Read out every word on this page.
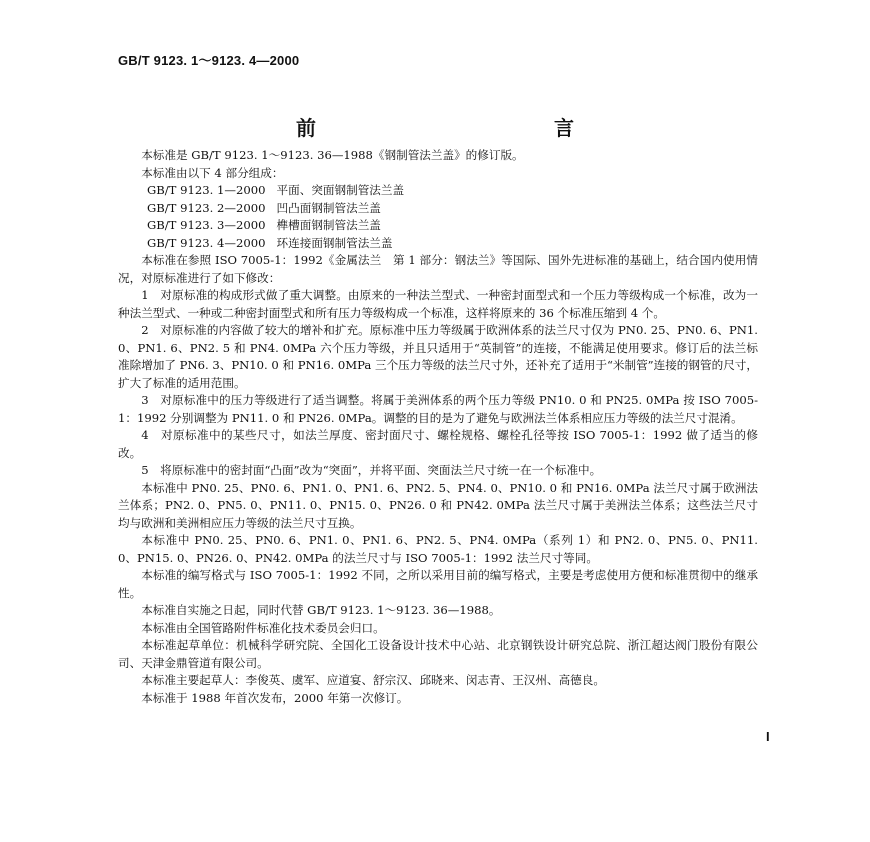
GB/T 9123. 1～9123. 4—2000
前　　言

本标准是 GB/T 9123. 1～9123. 36—1988《钢制管法兰盖》的修订版。

本标准由以下 4 部分组成：

GB/T 9123. 1—2000 平面、突面钢制管法兰盖

GB/T 9123. 2—2000 凹凸面钢制管法兰盖

GB/T 9123. 3—2000 榫槽面钢制管法兰盖

GB/T 9123. 4—2000 环连接面钢制管法兰盖

本标准在参照 ISO 7005-1：1992《金属法兰　第 1 部分：钢法兰》等国际、国外先进标准的基础上，结合国内使用情况，对原标准进行了如下修改：

1　对原标准的构成形式做了重大调整。由原来的一种法兰型式、一种密封面型式和一个压力等级构成一个标准，改为一种法兰型式、一种或二种密封面型式和所有压力等级构成一个标准，这样将原来的 36 个标准压缩到 4 个。

2　对原标准的内容做了较大的增补和扩充。原标准中压力等级属于欧洲体系的法兰尺寸仅为 PN0. 25、PN0. 6、PN1. 0、PN1. 6、PN2. 5 和 PN4. 0MPa 六个压力等级，并且只适用于“英制管”的连接，不能满足使用要求。修订后的法兰标准除增加了 PN6. 3、PN10. 0 和 PN16. 0MPa 三个压力等级的法兰尺寸外，还补充了适用于“米制管”连接的钢管的尺寸，扩大了标准的适用范围。

3　对原标准中的压力等级进行了适当调整。将属于美洲体系的两个压力等级 PN10. 0 和 PN25. 0MPa 按 ISO 7005-1：1992 分别调整为 PN11. 0 和 PN26. 0MPa。调整的目的是为了避免与欧洲法兰体系相应压力等级的法兰尺寸混淆。

4　对原标准中的某些尺寸，如法兰厚度、密封面尺寸、螺栓规格、螺栓孔径等按 ISO 7005-1：1992 做了适当的修改。

5　将原标准中的密封面“凸面”改为“突面”，并将平面、突面法兰尺寸统一在一个标准中。

本标准中 PN0. 25、PN0. 6、PN1. 0、PN1. 6、PN2. 5、PN4. 0、PN10. 0 和 PN16. 0MPa 法兰尺寸属于欧洲法兰体系；PN2. 0、PN5. 0、PN11. 0、PN15. 0、PN26. 0 和 PN42. 0MPa 法兰尺寸属于美洲法兰体系；这些法兰尺寸均与欧洲和美洲相应压力等级的法兰尺寸互换。

本标准中 PN0. 25、PN0. 6、PN1. 0、PN1. 6、PN2. 5、PN4. 0MPa（系列 1）和 PN2. 0、PN5. 0、PN11. 0、PN15. 0、PN26. 0、PN42. 0MPa 的法兰尺寸与 ISO 7005-1：1992 法兰尺寸等同。

本标准的编写格式与 ISO 7005-1：1992 不同，之所以采用目前的编写格式，主要是考虑使用方便和标准贯彻中的继承性。

本标准自实施之日起，同时代替 GB/T 9123. 1～9123. 36—1988。

本标准由全国管路附件标准化技术委员会归口。

本标准起草单位：机械科学研究院、全国化工设备设计技术中心站、北京钢铁设计研究总院、浙江超达阀门股份有限公司、天津金鼎管道有限公司。

本标准主要起草人：李俊英、虞军、应道宴、舒宗汉、邱晓来、闵志青、王汉州、高德良。

本标准于 1988 年首次发布，2000 年第一次修订。

I
